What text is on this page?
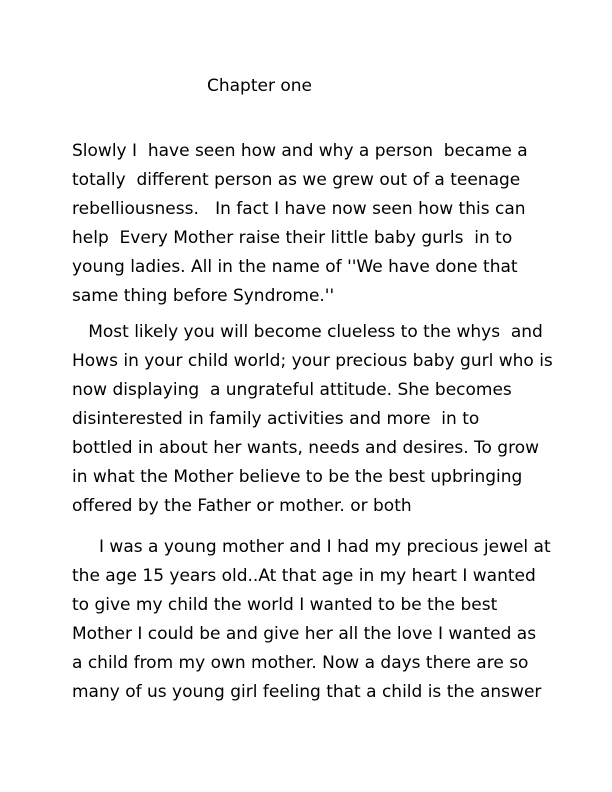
Chapter one
Slowly I  have seen how and why a person  became a
totally  different person as we grew out of a teenage
rebelliousness.   In fact I have now seen how this can
help  Every Mother raise their little baby gurls  in to
young ladies. All in the name of ''We have done that
same thing before Syndrome.''
Most likely you will become clueless to the whys  and
Hows in your child world; your precious baby gurl who is
now displaying  a ungrateful attitude. She becomes
disinterested in family activities and more  in to
bottled in about her wants, needs and desires. To grow
in what the Mother believe to be the best upbringing
offered by the Father or mother. or both
I was a young mother and I had my precious jewel at
the age 15 years old..At that age in my heart I wanted
to give my child the world I wanted to be the best
Mother I could be and give her all the love I wanted as
a child from my own mother. Now a days there are so
many of us young girl feeling that a child is the answer
